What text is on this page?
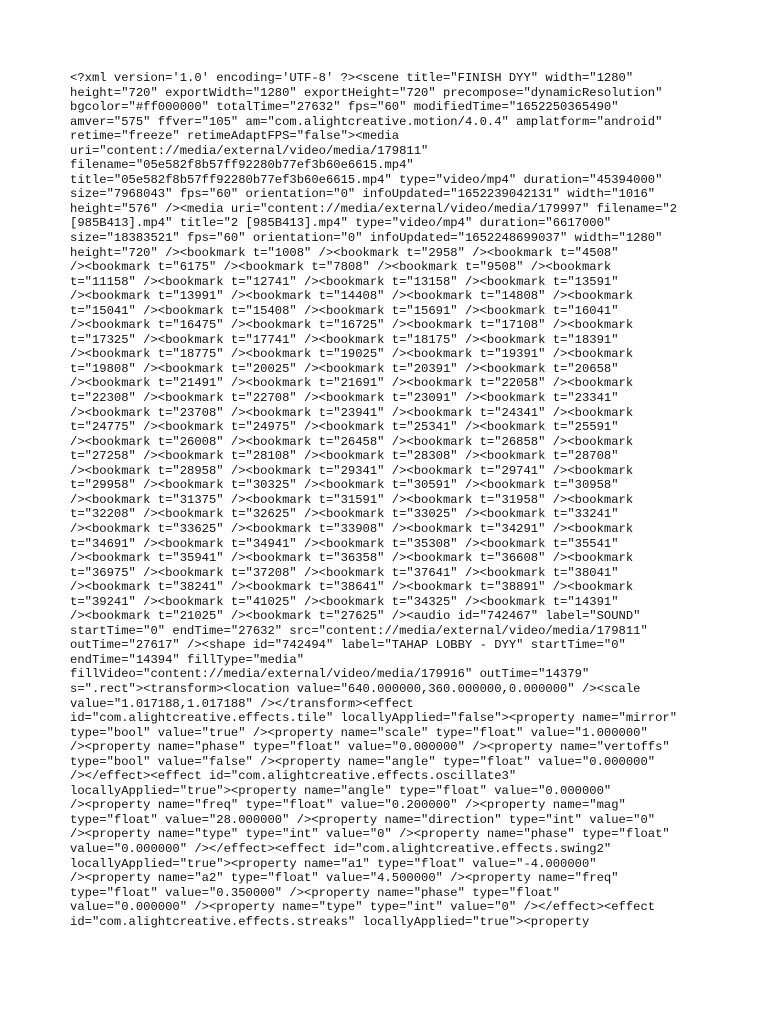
<?xml version='1.0' encoding='UTF-8' ?><scene title="FINISH DYY" width="1280"
height="720" exportWidth="1280" exportHeight="720" precompose="dynamicResolution"
bgcolor="#ff000000" totalTime="27632" fps="60" modifiedTime="1652250365490"
amver="575" ffver="105" am="com.alightcreative.motion/4.0.4" amplatform="android"
retime="freeze" retimeAdaptFPS="false"><media
uri="content://media/external/video/media/179811"
filename="05e582f8b57ff92280b77ef3b60e6615.mp4"
title="05e582f8b57ff92280b77ef3b60e6615.mp4" type="video/mp4" duration="45394000"
size="7968043" fps="60" orientation="0" infoUpdated="1652239042131" width="1016"
height="576" /><media uri="content://media/external/video/media/179997" filename="2
[985B413].mp4" title="2 [985B413].mp4" type="video/mp4" duration="6617000"
size="18383521" fps="60" orientation="0" infoUpdated="1652248699037" width="1280"
height="720" /><bookmark t="1008" /><bookmark t="2958" /><bookmark t="4508"
/><bookmark t="6175" /><bookmark t="7808" /><bookmark t="9508" /><bookmark
t="11158" /><bookmark t="12741" /><bookmark t="13158" /><bookmark t="13591"
/><bookmark t="13991" /><bookmark t="14408" /><bookmark t="14808" /><bookmark
t="15041" /><bookmark t="15408" /><bookmark t="15691" /><bookmark t="16041"
/><bookmark t="16475" /><bookmark t="16725" /><bookmark t="17108" /><bookmark
t="17325" /><bookmark t="17741" /><bookmark t="18175" /><bookmark t="18391"
/><bookmark t="18775" /><bookmark t="19025" /><bookmark t="19391" /><bookmark
t="19808" /><bookmark t="20025" /><bookmark t="20391" /><bookmark t="20658"
/><bookmark t="21491" /><bookmark t="21691" /><bookmark t="22058" /><bookmark
t="22308" /><bookmark t="22708" /><bookmark t="23091" /><bookmark t="23341"
/><bookmark t="23708" /><bookmark t="23941" /><bookmark t="24341" /><bookmark
t="24775" /><bookmark t="24975" /><bookmark t="25341" /><bookmark t="25591"
/><bookmark t="26008" /><bookmark t="26458" /><bookmark t="26858" /><bookmark
t="27258" /><bookmark t="28108" /><bookmark t="28308" /><bookmark t="28708"
/><bookmark t="28958" /><bookmark t="29341" /><bookmark t="29741" /><bookmark
t="29958" /><bookmark t="30325" /><bookmark t="30591" /><bookmark t="30958"
/><bookmark t="31375" /><bookmark t="31591" /><bookmark t="31958" /><bookmark
t="32208" /><bookmark t="32625" /><bookmark t="33025" /><bookmark t="33241"
/><bookmark t="33625" /><bookmark t="33908" /><bookmark t="34291" /><bookmark
t="34691" /><bookmark t="34941" /><bookmark t="35308" /><bookmark t="35541"
/><bookmark t="35941" /><bookmark t="36358" /><bookmark t="36608" /><bookmark
t="36975" /><bookmark t="37208" /><bookmark t="37641" /><bookmark t="38041"
/><bookmark t="38241" /><bookmark t="38641" /><bookmark t="38891" /><bookmark
t="39241" /><bookmark t="41025" /><bookmark t="34325" /><bookmark t="14391"
/><bookmark t="21025" /><bookmark t="27625" /><audio id="742467" label="SOUND"
startTime="0" endTime="27632" src="content://media/external/video/media/179811"
outTime="27617" /><shape id="742494" label="TAHAP LOBBY - DYY" startTime="0"
endTime="14394" fillType="media"
fillVideo="content://media/external/video/media/179916" outTime="14379"
s=".rect"><transform><location value="640.000000,360.000000,0.000000" /><scale
value="1.017188,1.017188" /></transform><effect
id="com.alightcreative.effects.tile" locallyApplied="false"><property name="mirror"
type="bool" value="true" /><property name="scale" type="float" value="1.000000"
/><property name="phase" type="float" value="0.000000" /><property name="vertoffs"
type="bool" value="false" /><property name="angle" type="float" value="0.000000"
/></effect><effect id="com.alightcreative.effects.oscillate3"
locallyApplied="true"><property name="angle" type="float" value="0.000000"
/><property name="freq" type="float" value="0.200000" /><property name="mag"
type="float" value="28.000000" /><property name="direction" type="int" value="0"
/><property name="type" type="int" value="0" /><property name="phase" type="float"
value="0.000000" /></effect><effect id="com.alightcreative.effects.swing2"
locallyApplied="true"><property name="a1" type="float" value="-4.000000"
/><property name="a2" type="float" value="4.500000" /><property name="freq"
type="float" value="0.350000" /><property name="phase" type="float"
value="0.000000" /><property name="type" type="int" value="0" /></effect><effect
id="com.alightcreative.effects.streaks" locallyApplied="true"><property
